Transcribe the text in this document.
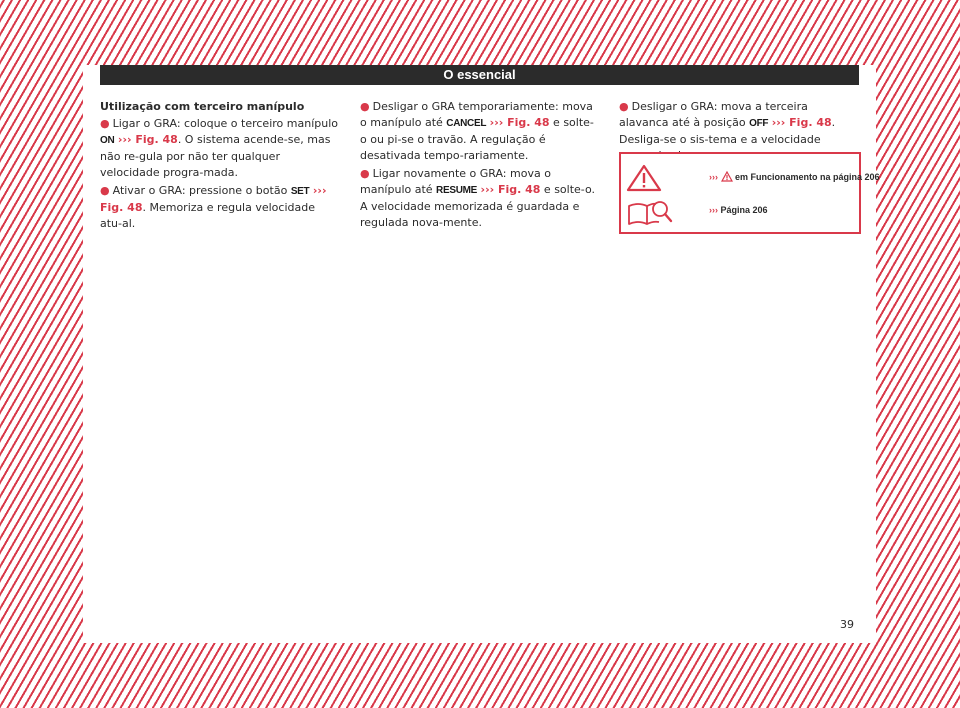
O essencial
Utilização com terceiro manípulo
● Ligar o GRA: coloque o terceiro manípulo ON ››› Fig. 48. O sistema acende-se, mas não re-gula por não ter qualquer velocidade progra-mada.
● Ativar o GRA: pressione o botão SET ››› Fig. 48. Memoriza e regula velocidade atu-al.
● Desligar o GRA temporariamente: mova o manípulo até CANCEL ››› Fig. 48 e solte-o ou pi-se o travão. A regulação é desativada tempo-rariamente.
● Ligar novamente o GRA: mova o manípulo até RESUME ››› Fig. 48 e solte-o. A velocidade memorizada é guardada e regulada nova-mente.
● Desligar o GRA: mova a terceira alavanca até à posição OFF ››› Fig. 48. Desliga-se o sis-tema e a velocidade
››› em Funcionamento na página 206
››› Página 206
39
